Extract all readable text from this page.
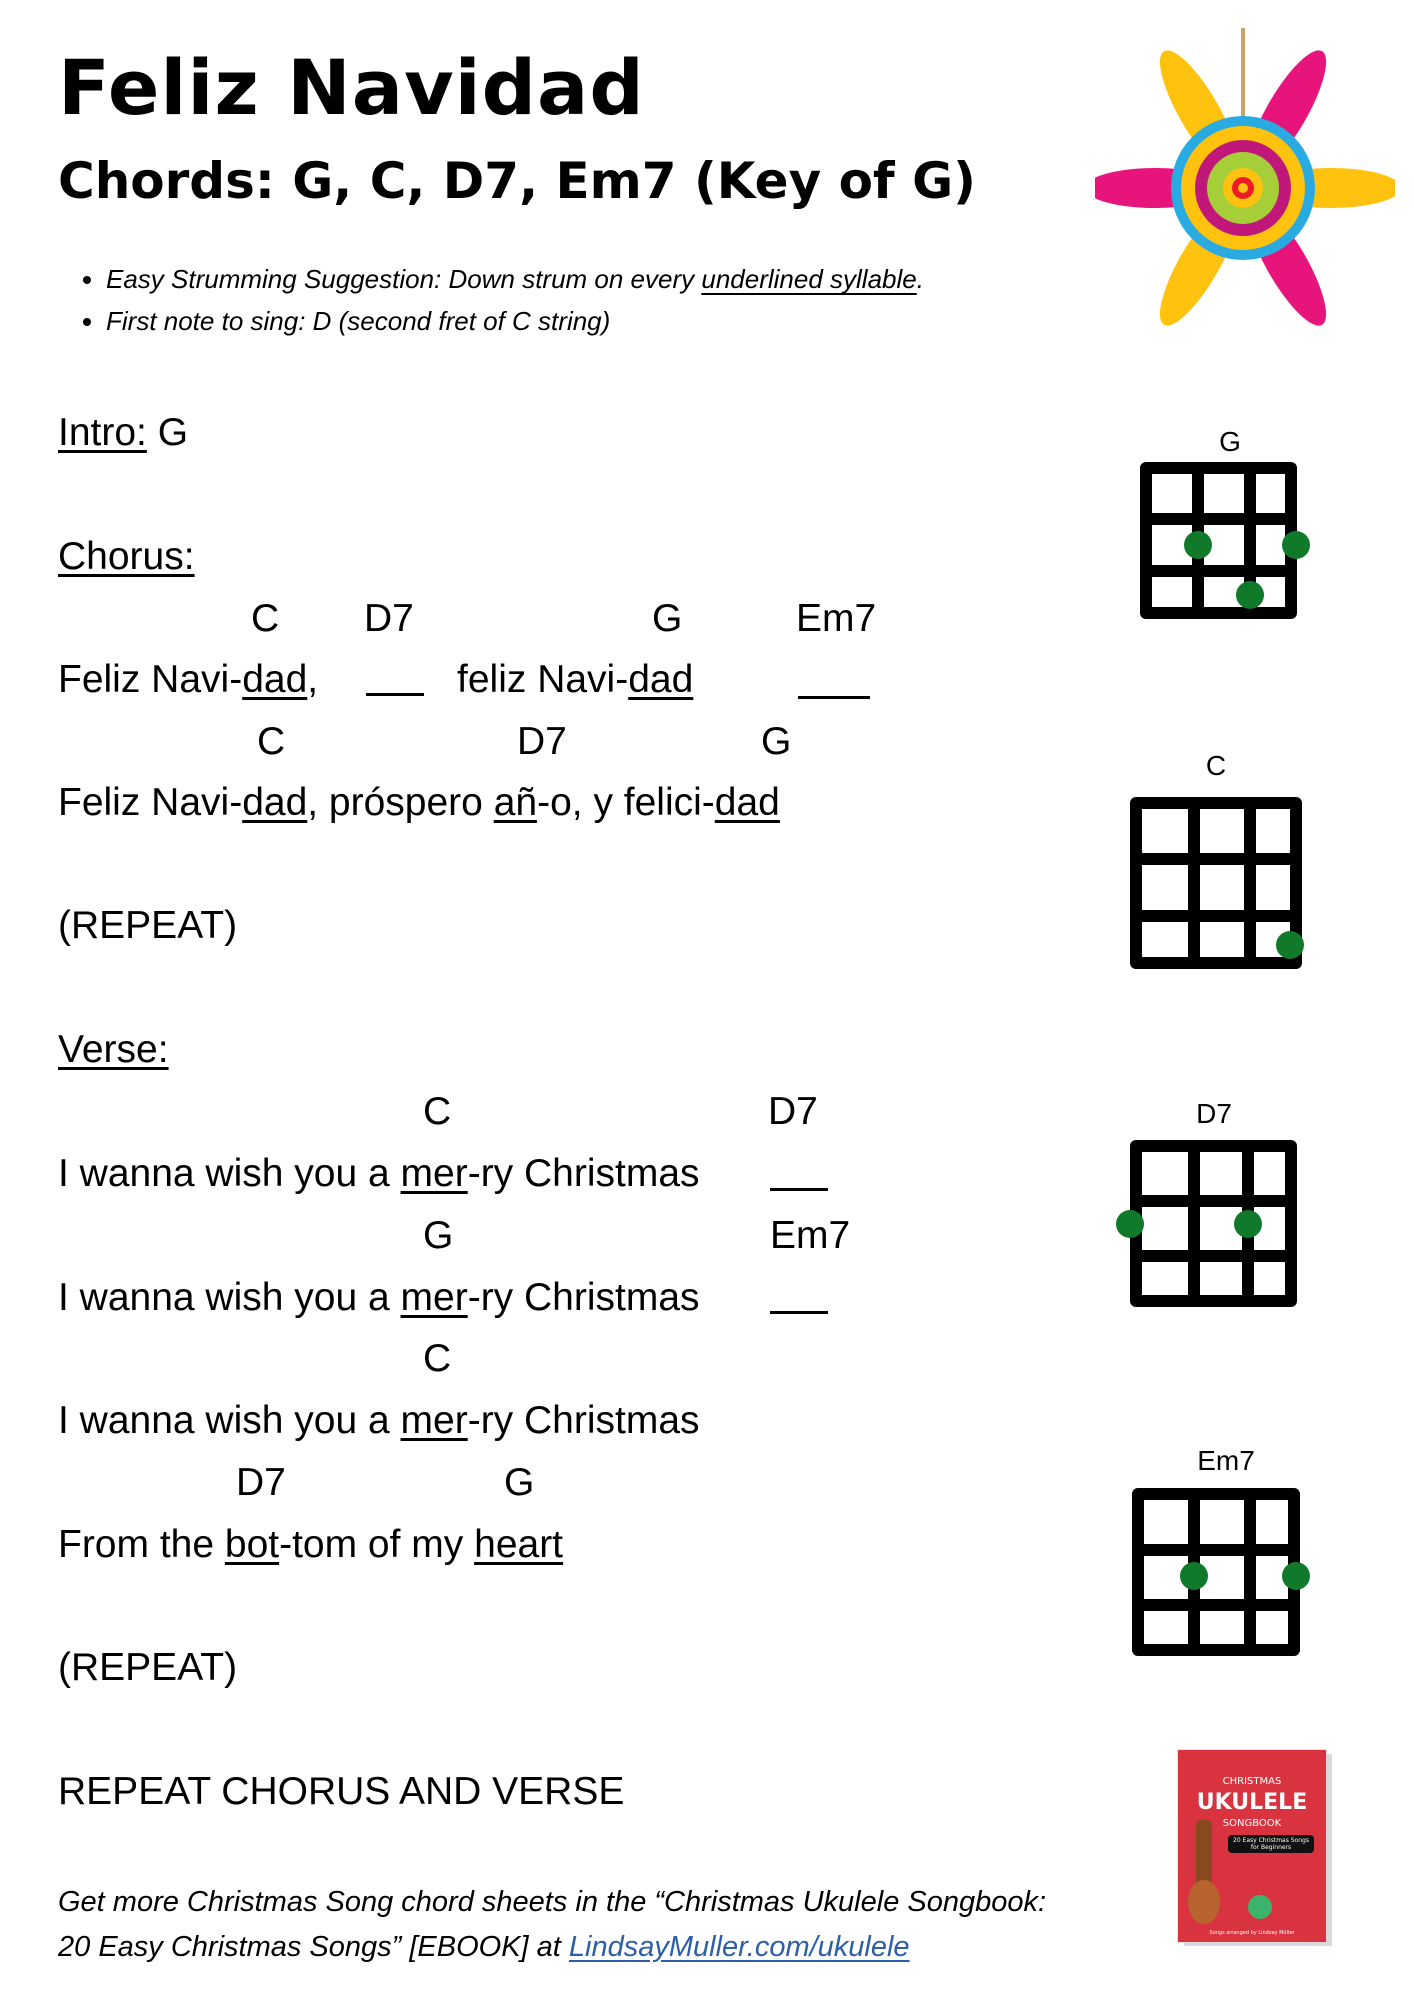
Feliz Navidad
Chords: G, C, D7, Em7 (Key of G)
• Easy Strumming Suggestion: Down strum on every underlined syllable.
• First note to sing: D (second fret of C string)
Intro: G
Chorus:
C D7	G	Em7
Feliz Navi-dad,	feliz Navi-dad
C	D7	G
Feliz Navi-dad, próspero añ-o, y felici-dad
(REPEAT)
Verse:
C	D7
I wanna wish you a mer-ry Christmas
G	Em7
I wanna wish you a mer-ry Christmas
C
I wanna wish you a mer-ry Christmas
D7	G
From the bot-tom of my heart
(REPEAT)
REPEAT CHORUS AND VERSE
Get more Christmas Song chord sheets in the “Christmas Ukulele Songbook:
20 Easy Christmas Songs” [EBOOK] at LindsayMuller.com/ukulele
G
C
D7
Em7
CHRISTMAS
UKULELE
SONGBOOK
20 Easy Christmas Songs for Beginners
Songs arranged by Lindsay Müller
